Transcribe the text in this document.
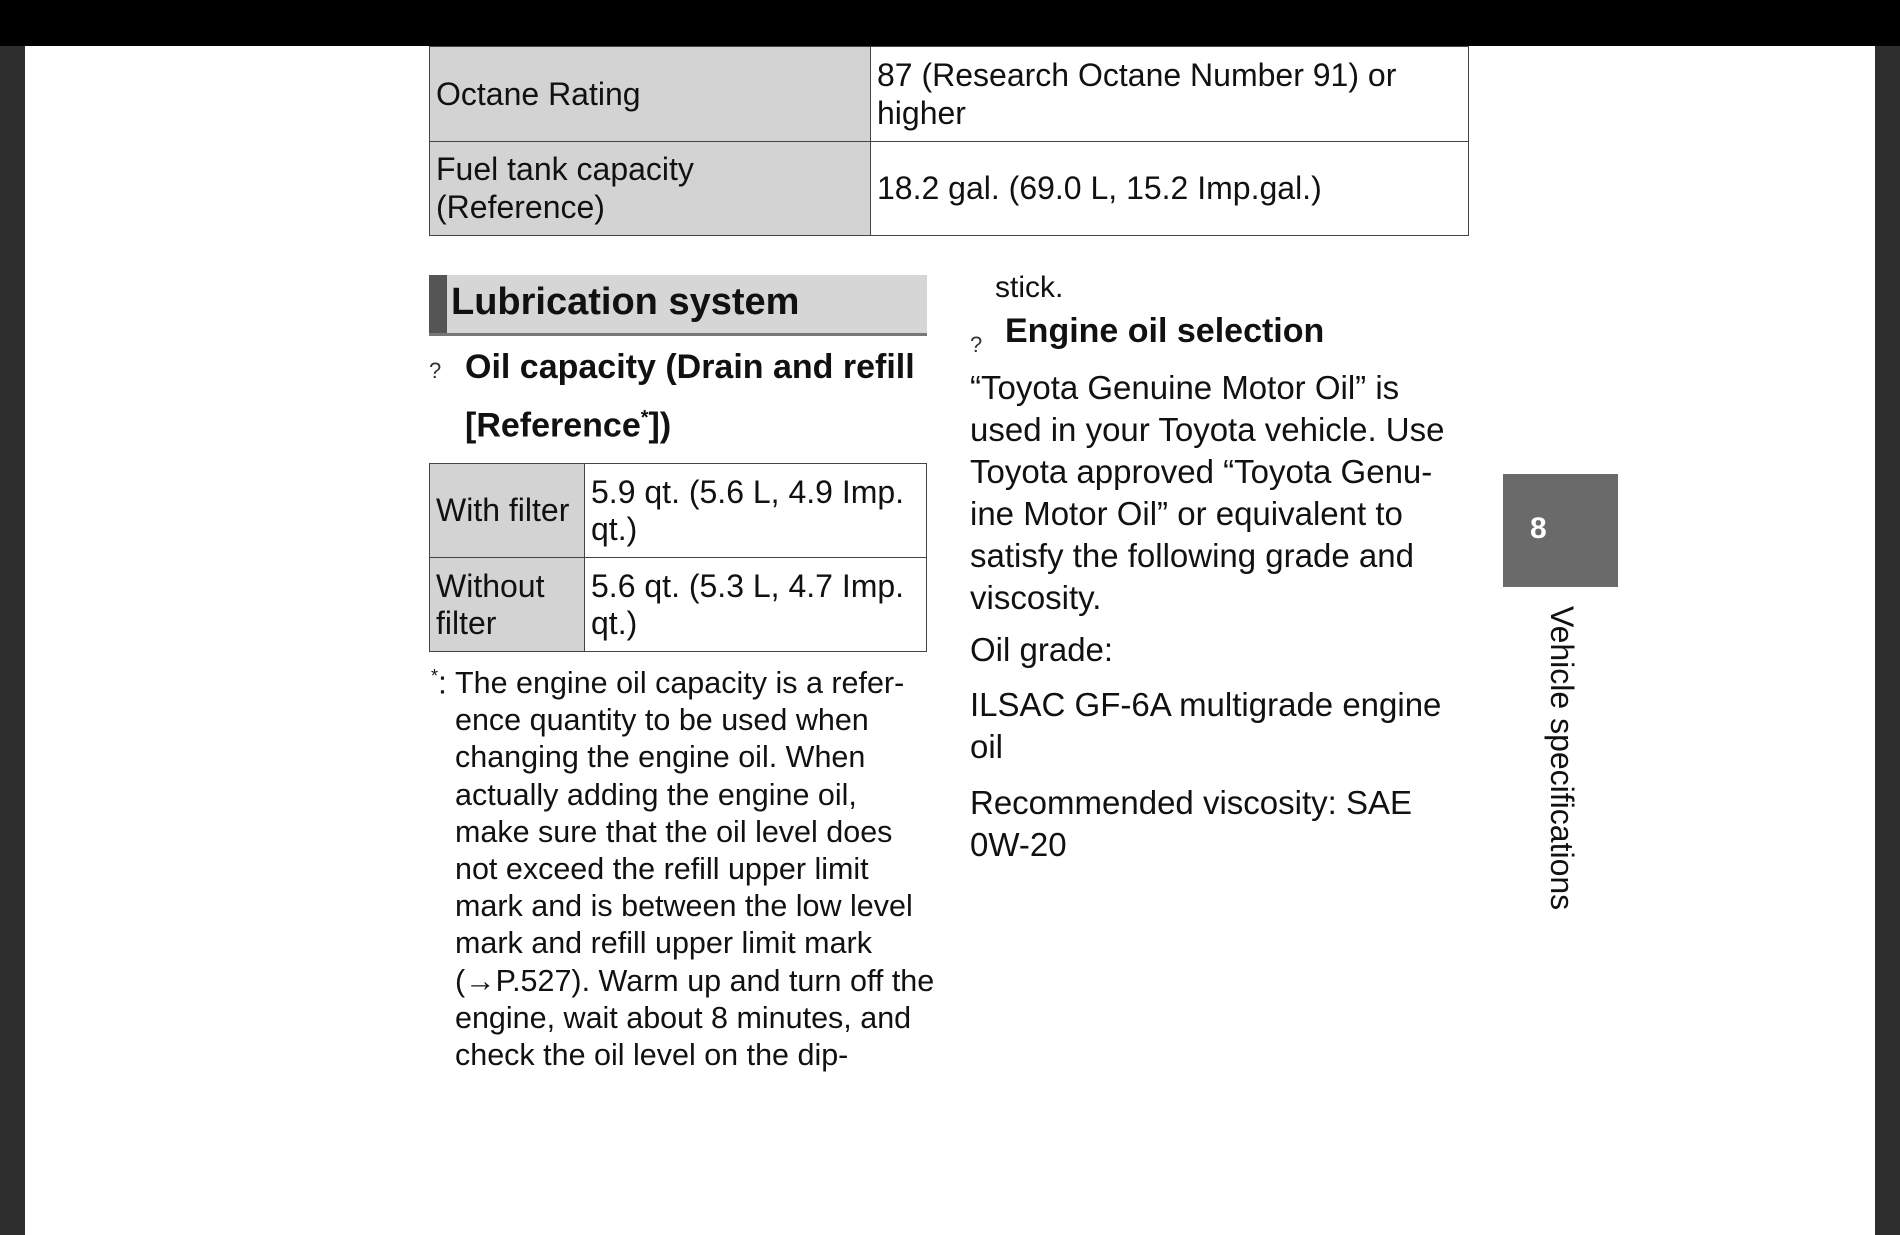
Octane Rating	87 (Research Octane Number 91) or higher
Fuel tank capacity (Reference)	18.2 gal. (69.0 L, 15.2 Imp.gal.)
Lubrication system
? Oil capacity (Drain and refill
[Reference*])
With filter	5.9 qt. (5.6 L, 4.9 Imp. qt.)
Without filter	5.6 qt. (5.3 L, 4.7 Imp. qt.)
*: The engine oil capacity is a refer-ence quantity to be used when changing the engine oil. When actually adding the engine oil, make sure that the oil level does not exceed the refill upper limit mark and is between the low level mark and refill upper limit mark (→P.527). Warm up and turn off the engine, wait about 8 minutes, and check the oil level on the dip-
stick.
? Engine oil selection
“Toyota Genuine Motor Oil” is used in your Toyota vehicle. Use Toyota approved “Toyota Genu-ine Motor Oil” or equivalent to satisfy the following grade and viscosity.
Oil grade:
ILSAC GF-6A multigrade engine oil
Recommended viscosity: SAE 0W-20
8
Vehicle specifications
